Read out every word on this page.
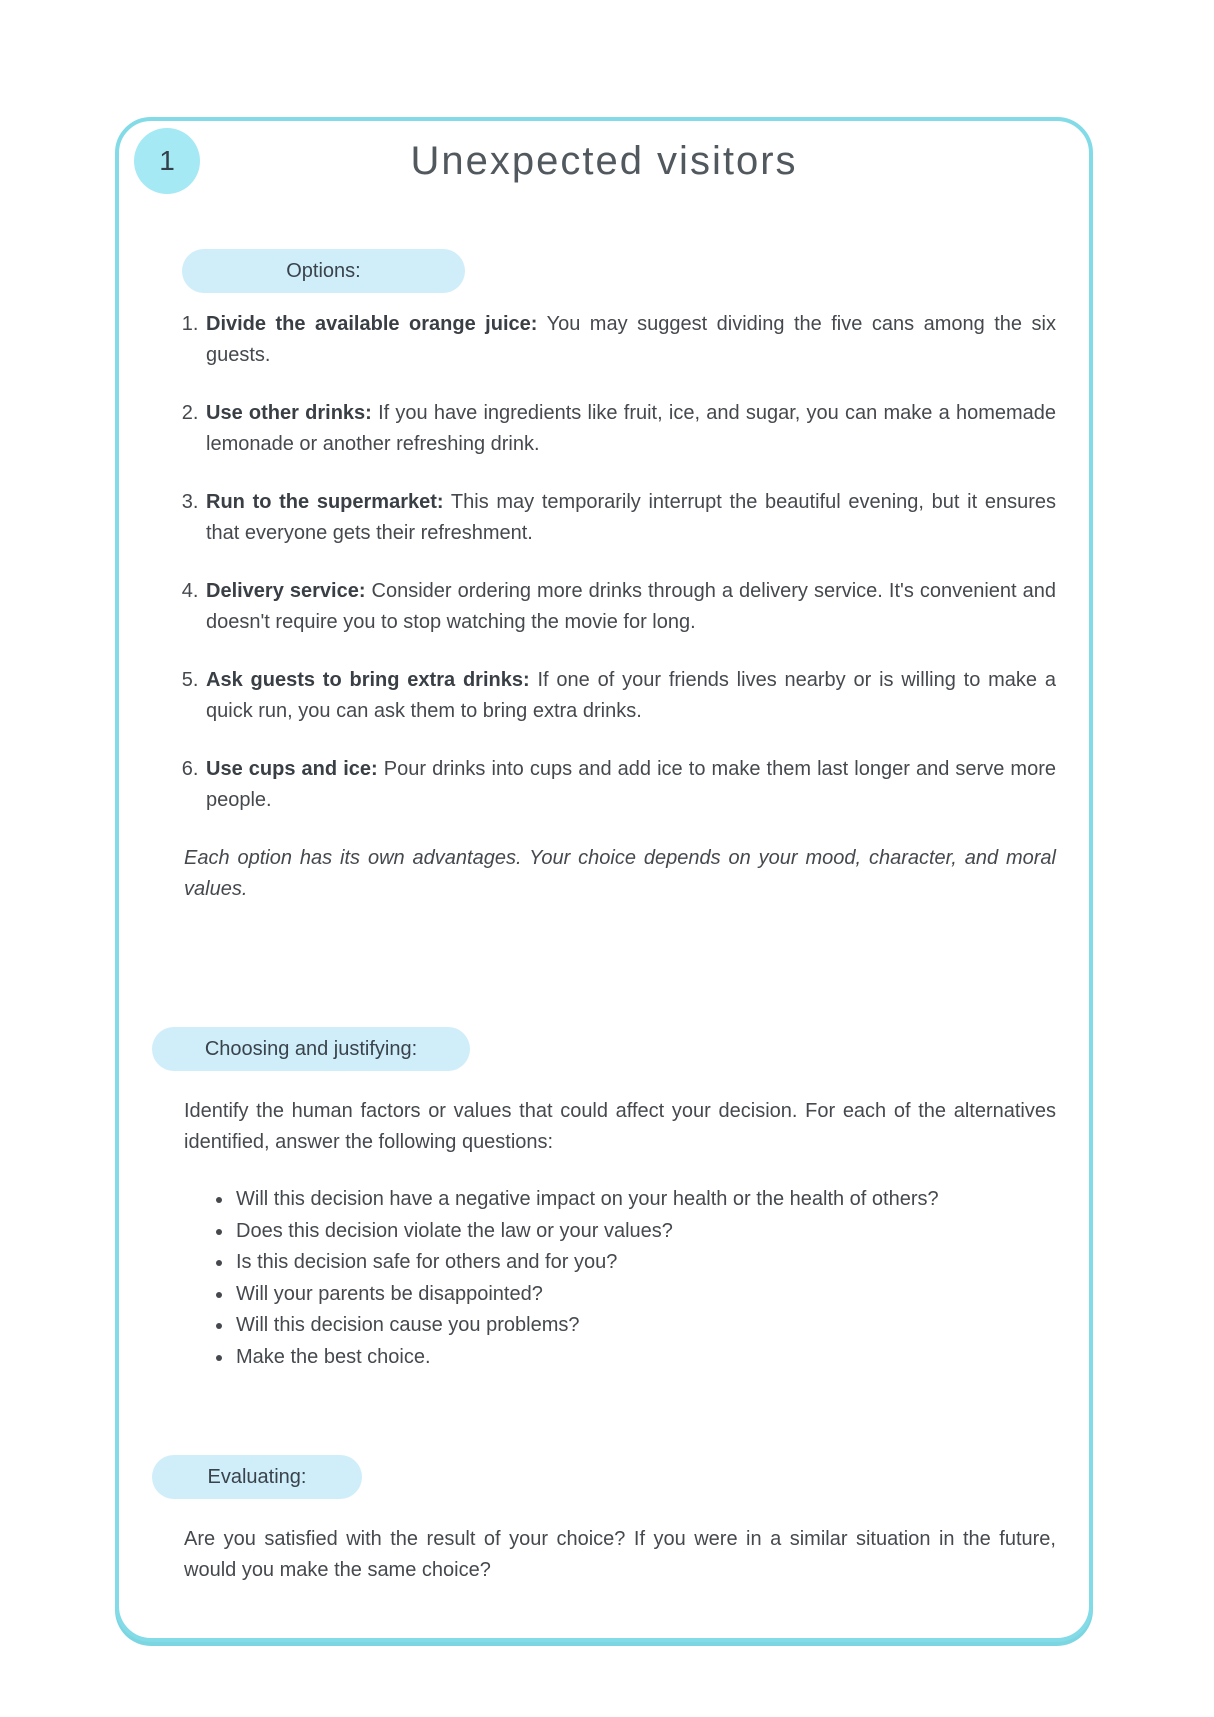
1	Unexpected visitors
Options:
1. Divide the available orange juice: You may suggest dividing the five cans among the six guests.
2. Use other drinks: If you have ingredients like fruit, ice, and sugar, you can make a homemade lemonade or another refreshing drink.
3. Run to the supermarket: This may temporarily interrupt the beautiful evening, but it ensures that everyone gets their refreshment.
4. Delivery service: Consider ordering more drinks through a delivery service. It's convenient and doesn't require you to stop watching the movie for long.
5. Ask guests to bring extra drinks: If one of your friends lives nearby or is willing to make a quick run, you can ask them to bring extra drinks.
6. Use cups and ice: Pour drinks into cups and add ice to make them last longer and serve more people.
Each option has its own advantages. Your choice depends on your mood, character, and moral values.
Choosing and justifying:
Identify the human factors or values that could affect your decision. For each of the alternatives identified, answer the following questions:
• Will this decision have a negative impact on your health or the health of others?
• Does this decision violate the law or your values?
• Is this decision safe for others and for you?
• Will your parents be disappointed?
• Will this decision cause you problems?
• Make the best choice.
Evaluating:
Are you satisfied with the result of your choice? If you were in a similar situation in the future, would you make the same choice?
